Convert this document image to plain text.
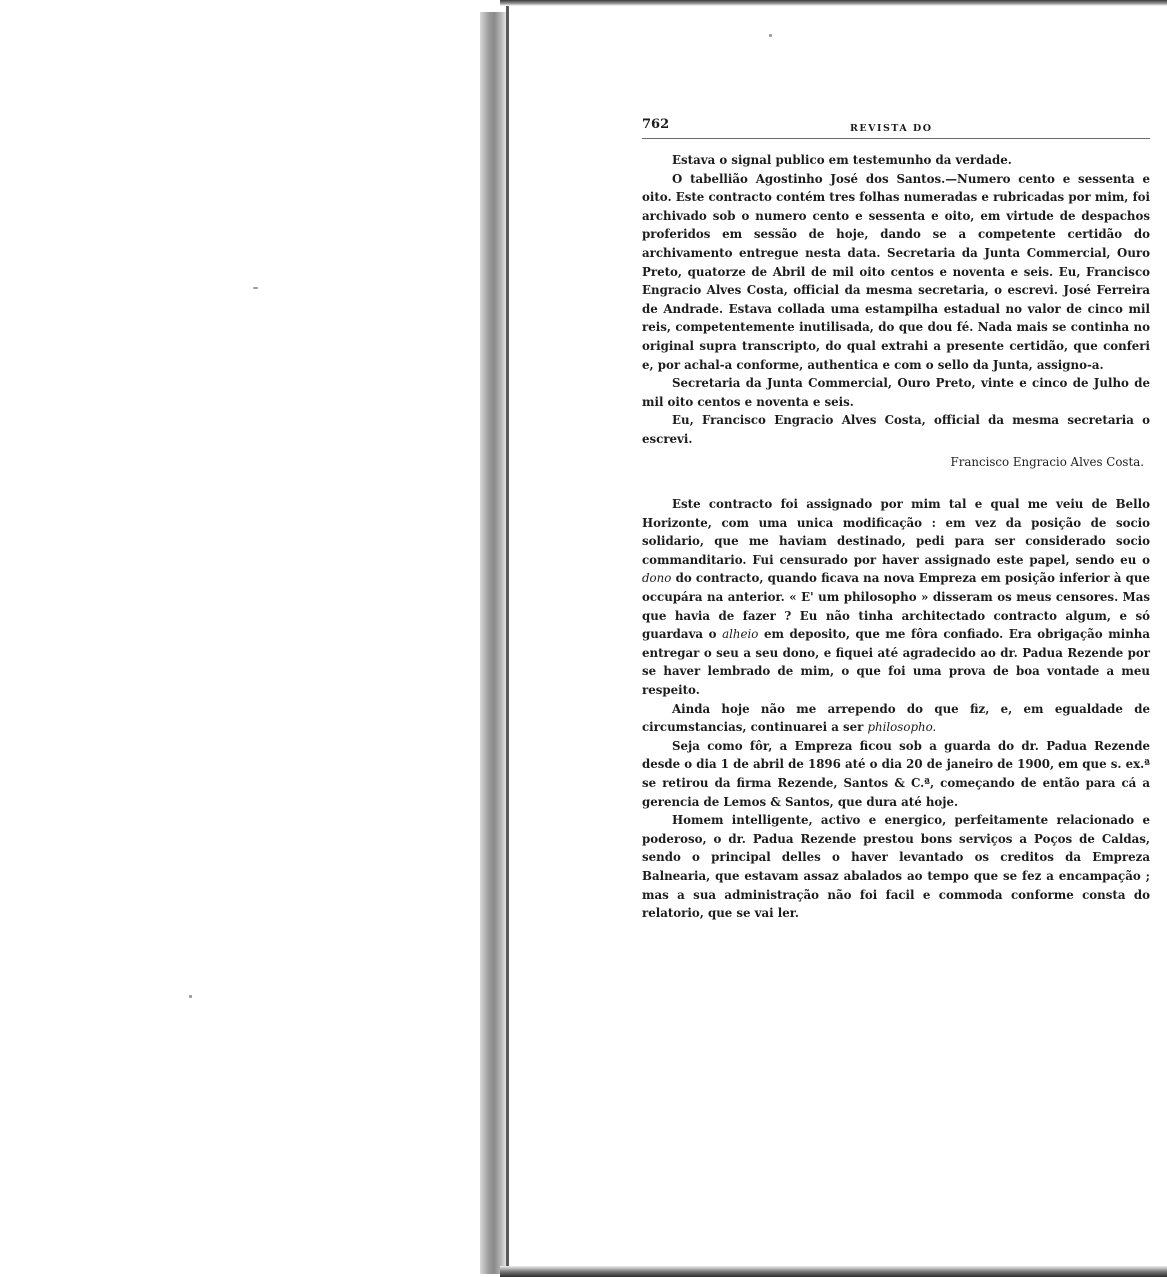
762	REVISTA DO

Estava o signal publico em testemunho da verdade.

O tabellião Agostinho José dos Santos.—Numero cento e sessenta e oito. Este contracto contém tres folhas numeradas e rubricadas por mim, foi archivado sob o numero cento e sessenta e oito, em virtude de despachos proferidos em sessão de hoje, dando se a competente certidão do archivamento entregue nesta data. Secretaria da Junta Commercial, Ouro Preto, quatorze de Abril de mil oito centos e noventa e seis. Eu, Francisco Engracio Alves Costa, official da mesma secretaria, o escrevi. José Ferreira de Andrade. Estava collada uma estampilha estadual no valor de cinco mil reis, competentemente inutilisada, do que dou fé. Nada mais se continha no original supra transcripto, do qual extrahi a presente certidão, que conferi e, por achal-a conforme, authentica e com o sello da Junta, assigno-a.

Secretaria da Junta Commercial, Ouro Preto, vinte e cinco de Julho de mil oito centos e noventa e seis.

Eu, Francisco Engracio Alves Costa, official da mesma secretaria o escrevi.

Francisco Engracio Alves Costa.

Este contracto foi assignado por mim tal e qual me veiu de Bello Horizonte, com uma unica modificação : em vez da posição de socio solidario, que me haviam destinado, pedi para ser considerado socio commanditario. Fui censurado por haver assignado este papel, sendo eu o dono do contracto, quando ficava na nova Empreza em posição inferior à que occupára na anterior. « E' um philosopho » disseram os meus censores. Mas que havia de fazer ? Eu não tinha architectado contracto algum, e só guardava o alheio em deposito, que me fôra confiado. Era obrigação minha entregar o seu a seu dono, e fiquei até agradecido ao dr. Padua Rezende por se haver lembrado de mim, o que foi uma prova de boa vontade a meu respeito.

Ainda hoje não me arrependo do que fiz, e, em egualdade de circumstancias, continuarei a ser philosopho.

Seja como fôr, a Empreza ficou sob a guarda do dr. Padua Rezende desde o dia 1 de abril de 1896 até o dia 20 de janeiro de 1900, em que s. ex.ª se retirou da firma Rezende, Santos & C.ª, começando de então para cá a gerencia de Lemos & Santos, que dura até hoje.

Homem intelligente, activo e energico, perfeitamente relacionado e poderoso, o dr. Padua Rezende prestou bons serviços a Poços de Caldas, sendo o principal delles o haver levantado os creditos da Empreza Balnearia, que estavam assaz abalados ao tempo que se fez a encampação ; mas a sua administração não foi facil e commoda conforme consta do relatorio, que se vai ler.
